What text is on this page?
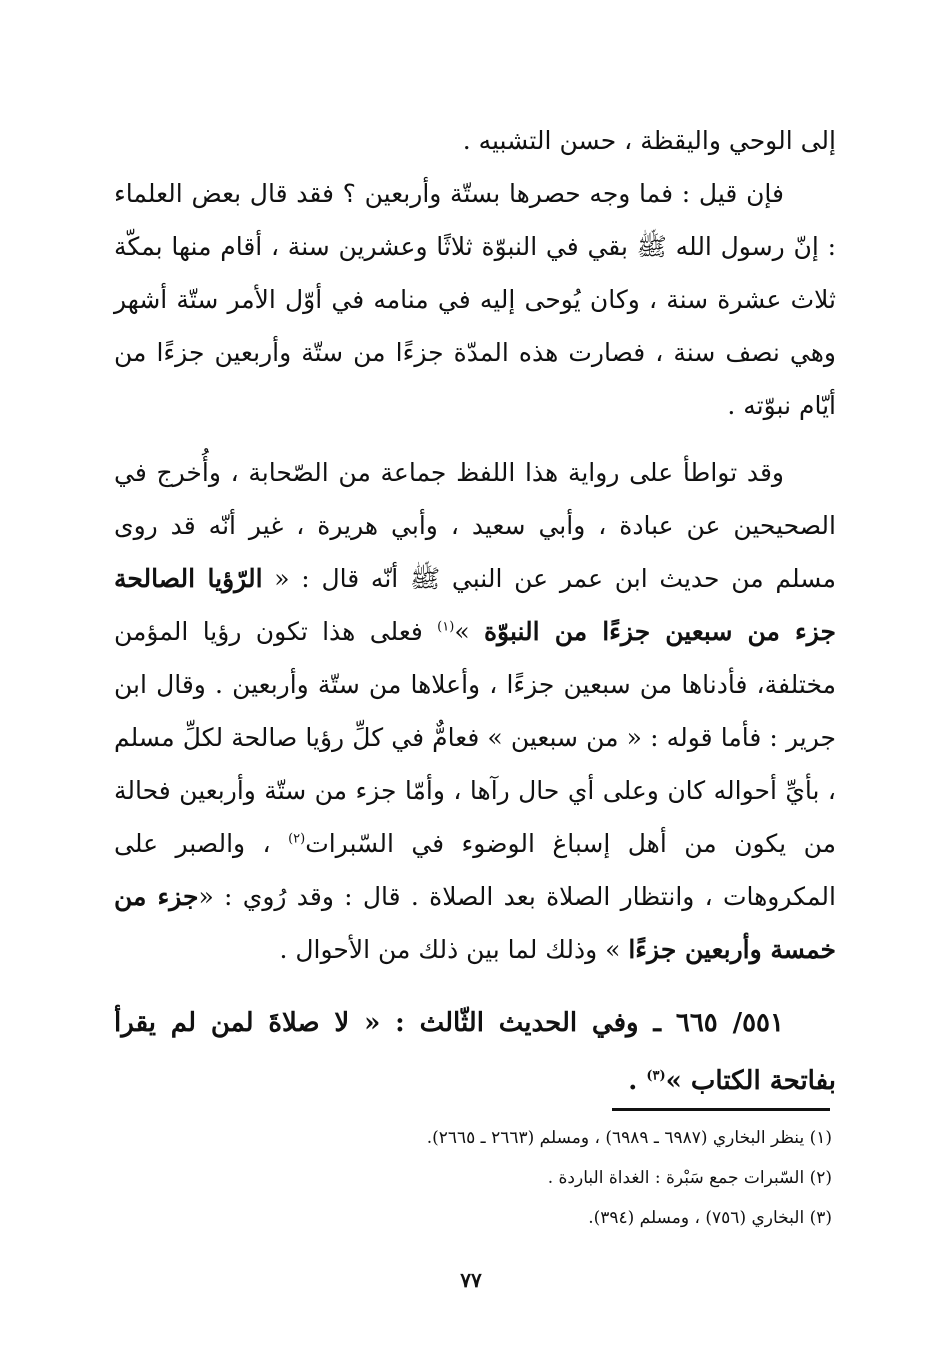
إلى الوحي واليقظة ، حسن التشبيه .

فإن قيل : فما وجه حصرها بستّة وأربعين ؟ فقد قال بعض العلماء : إنّ رسول الله ﷺ بقي في النبوّة ثلاثًا وعشرين سنة ، أقام منها بمكّة ثلاث عشرة سنة ، وكان يُوحى إليه في منامه في أوّل الأمر ستّة أشهر وهي نصف سنة ، فصارت هذه المدّة جزءًا من ستّة وأربعين جزءًا من أيّام نبوّته .

وقد تواطأ على رواية هذا اللفظ جماعة من الصّحابة ، وأُخرج في الصحيحين عن عبادة ، وأبي سعيد ، وأبي هريرة ، غير أنّه قد روى مسلم من حديث ابن عمر عن النبي ﷺ أنّه قال : « الرّؤيا الصالحة جزء من سبعين جزءًا من النبوّة »$^{(١)}$ فعلى هذا تكون رؤيا المؤمن مختلفة، فأدناها من سبعين جزءًا ، وأعلاها من ستّة وأربعين . وقال ابن جرير : فأما قوله : « من سبعين » فعامٌّ في كلِّ رؤيا صالحة لكلِّ مسلم ، بأيِّ أحواله كان وعلى أي حال رآها ، وأمّا جزء من ستّة وأربعين فحالة من يكون من أهل إسباغ الوضوء في السّبرات$^{(٢)}$ ، والصبر على المكروهات ، وانتظار الصلاة بعد الصلاة . قال : وقد رُوي : «جزء من خمسة وأربعين جزءًا » وذلك لما بين ذلك من الأحوال .

٥٥١/ ٦٦٥ ـ وفي الحديث الثّالث : « لا صلاةَ لمن لم يقرأ بفاتحة الكتاب »$^{(٣)}$ .

(١) ينظر البخاري (٦٩٨٧ ـ ٦٩٨٩) ، ومسلم (٢٦٦٣ ـ ٢٦٦٥).
(٢) السّبرات جمع سَبْرة : الغداة الباردة .
(٣) البخاري (٧٥٦) ، ومسلم (٣٩٤).
٧٧
